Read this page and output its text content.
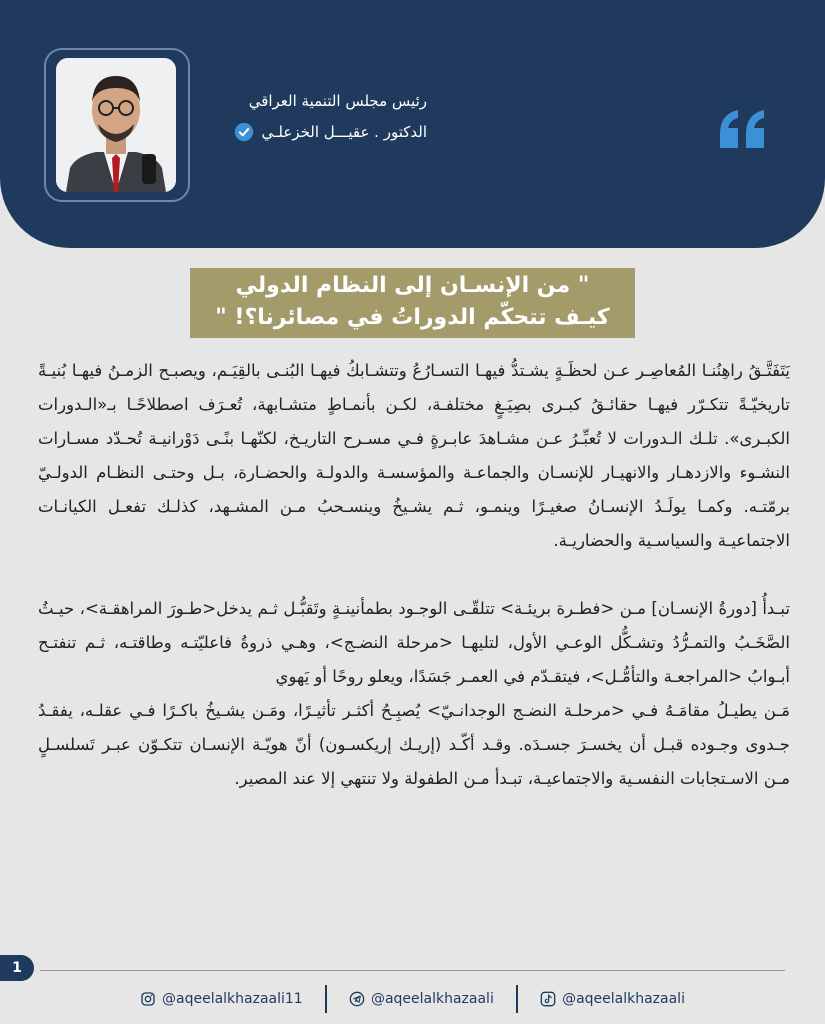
رئيس مجلس التنمية العراقي
الدكتور . عقيـــل الخزعلـي
" من الإنسـان إلى النظام الدولي
كيـف تتحكّم الدوراتُ في مصائرنا؟! "

يَتَفَتَّـقُ راهِنُنـا المُعاصِـر عـن لحظَـةٍ يشـتدُّ فيهـا التسـارُعُ وتتشـابكُ فيهـا البُنـى بالقِيَـم، ويصبـح الزمـنُ فيهـا بُنيـةً تاريخيّـةً تتكـرّر فيهـا حقائـقُ كبـرى بصِيَـغٍ مختلفـة، لكـن بأنمـاطٍ متشـابهة، تُعـرَف اصطلاحًـا بـ«الـدورات الكبـرى». تلـك الـدورات لا تُعبِّـرُ عـن مشـاهدَ عابـرةٍ فـي مسـرح التاريـخ، لكنّهـا بنًـى دَوْرانيـة تُحـدّد مسـارات النشـوء والازدهـار والانهيـار للإنسـان والجماعـة والمؤسسـة والدولـة والحضـارة، بـل وحتـى النظـام الدولـيّ برمّتـه. وكمـا يولَـدُ الإنسـانُ صغيـرًا وينمـو، ثـم يشـيخُ وينسـحبُ مـن المشـهد، كذلـك تفعـل الكيانـات الاجتماعيـة والسياسـية والحضاريـة.

تبـدأُ [دورةُ الإنسـان] مـن <فطـرة بريئـة> تتلقّـى الوجـود بطمأنينـةٍ وتَقبُّـل ثـم يدخل<طـورَ المراهقـة>، حيـثُ الصَّخَـبُ والتمـرُّدُ وتشـكُّل الوعـي الأول، لتليهـا <مرحلة النضـج>، وهـي ذروةُ فاعليّتـه وطاقتـه، ثـم تنفتـح أبـوابُ <المراجعـة والتأمُّـل>، فيتقـدّم في العمـر جَسَدًا، ويعلو روحًا أو يَهوي

مَـن يطيـلُ مقامَـهُ فـي <مرحلـة النضـج الوجدانـيّ> يُصبِـحُ أكثـر تأثيـرًا، ومَـن يشـيخُ باكـرًا فـي عقلـه، يفقـدُ جـدوى وجـوده قبـل أن يخسـرَ جسـدَه. وقـد أكّـد (إريـك إريكسـون) أنّ هويّـة الإنسـان تتكـوّن عبـر تَسلسـلٍ مـن الاسـتجابات النفسـية والاجتماعيـة، تبـدأ مـن الطفولة ولا تنتهي إلا عند المصير.

1
@aqeelalkhazaali11	@aqeelalkhazaali	@aqeelalkhazaali
